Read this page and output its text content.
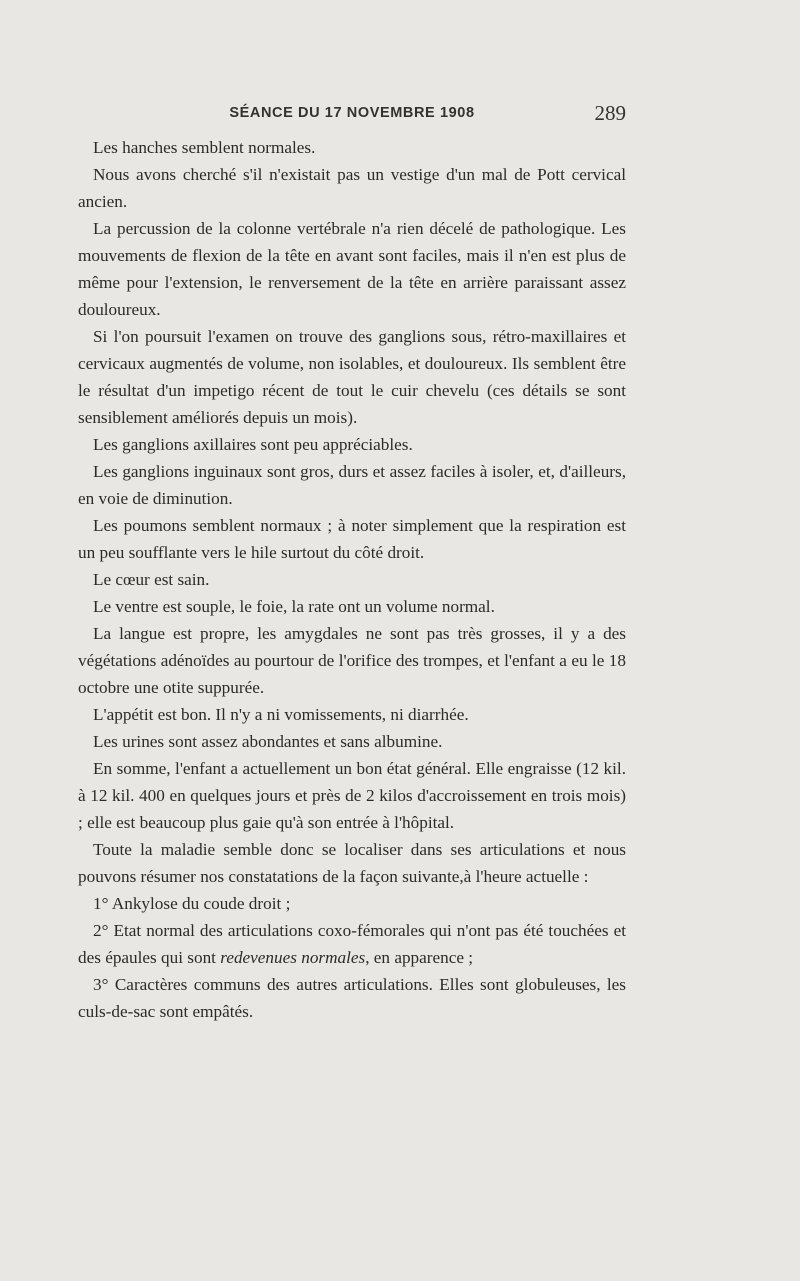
SÉANCE DU 17 NOVEMBRE 1908	289

Les hanches semblent normales.

Nous avons cherché s'il n'existait pas un vestige d'un mal de Pott cervical ancien.

La percussion de la colonne vertébrale n'a rien décelé de pathologique. Les mouvements de flexion de la tête en avant sont faciles, mais il n'en est plus de même pour l'extension, le renversement de la tête en arrière paraissant assez douloureux.

Si l'on poursuit l'examen on trouve des ganglions sous, rétro-maxillaires et cervicaux augmentés de volume, non isolables, et douloureux. Ils semblent être le résultat d'un impetigo récent de tout le cuir chevelu (ces détails se sont sensiblement améliorés depuis un mois).

Les ganglions axillaires sont peu appréciables.

Les ganglions inguinaux sont gros, durs et assez faciles à isoler, et, d'ailleurs, en voie de diminution.

Les poumons semblent normaux ; à noter simplement que la respiration est un peu soufflante vers le hile surtout du côté droit.

Le cœur est sain.

Le ventre est souple, le foie, la rate ont un volume normal.

La langue est propre, les amygdales ne sont pas très grosses, il y a des végétations adénoïdes au pourtour de l'orifice des trompes, et l'enfant a eu le 18 octobre une otite suppurée.

L'appétit est bon. Il n'y a ni vomissements, ni diarrhée.

Les urines sont assez abondantes et sans albumine.

En somme, l'enfant a actuellement un bon état général. Elle engraisse (12 kil. à 12 kil. 400 en quelques jours et près de 2 kilos d'accroissement en trois mois) ; elle est beaucoup plus gaie qu'à son entrée à l'hôpital.

Toute la maladie semble donc se localiser dans ses articulations et nous pouvons résumer nos constatations de la façon suivante,à l'heure actuelle :

1° Ankylose du coude droit ;

2° Etat normal des articulations coxo-fémorales qui n'ont pas été touchées et des épaules qui sont redevenues normales, en apparence ;

3° Caractères communs des autres articulations. Elles sont globuleuses, les culs-de-sac sont empâtés.
